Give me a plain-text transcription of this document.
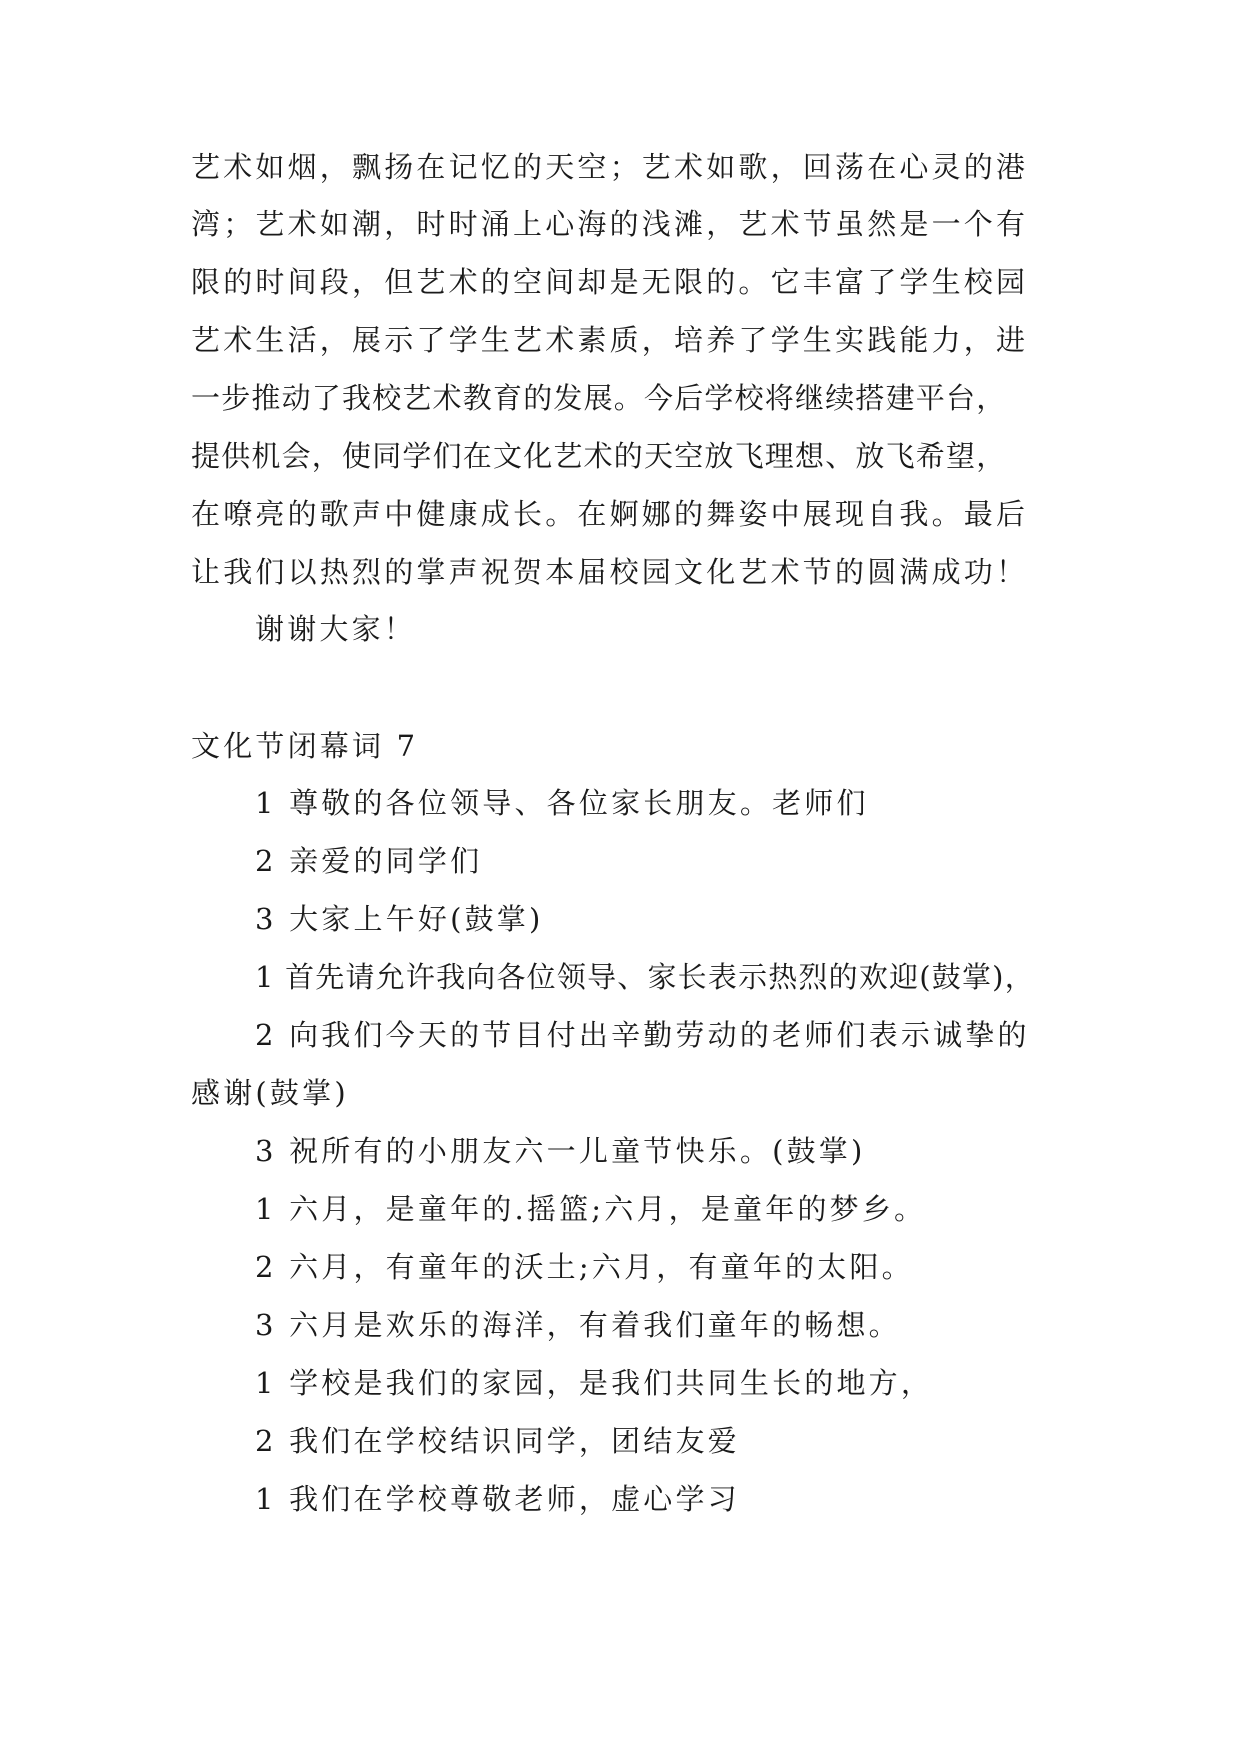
艺术如烟，飘扬在记忆的天空；艺术如歌，回荡在心灵的港
湾；艺术如潮，时时涌上心海的浅滩，艺术节虽然是一个有
限的时间段，但艺术的空间却是无限的。它丰富了学生校园
艺术生活，展示了学生艺术素质，培养了学生实践能力，进
一步推动了我校艺术教育的发展。今后学校将继续搭建平台，
提供机会，使同学们在文化艺术的天空放飞理想、放飞希望，
在嘹亮的歌声中健康成长。在婀娜的舞姿中展现自我。最后
让我们以热烈的掌声祝贺本届校园文化艺术节的圆满成功！
谢谢大家！
文化节闭幕词 7
1 尊敬的各位领导、各位家长朋友。老师们
2 亲爱的同学们
3 大家上午好(鼓掌)
1 首先请允许我向各位领导、家长表示热烈的欢迎(鼓掌)，
2 向我们今天的节目付出辛勤劳动的老师们表示诚挚的
感谢(鼓掌)
3 祝所有的小朋友六一儿童节快乐。(鼓掌)
1 六月，是童年的.摇篮;六月，是童年的梦乡。
2 六月，有童年的沃土;六月，有童年的太阳。
3 六月是欢乐的海洋，有着我们童年的畅想。
1 学校是我们的家园，是我们共同生长的地方，
2 我们在学校结识同学，团结友爱
1 我们在学校尊敬老师，虚心学习
